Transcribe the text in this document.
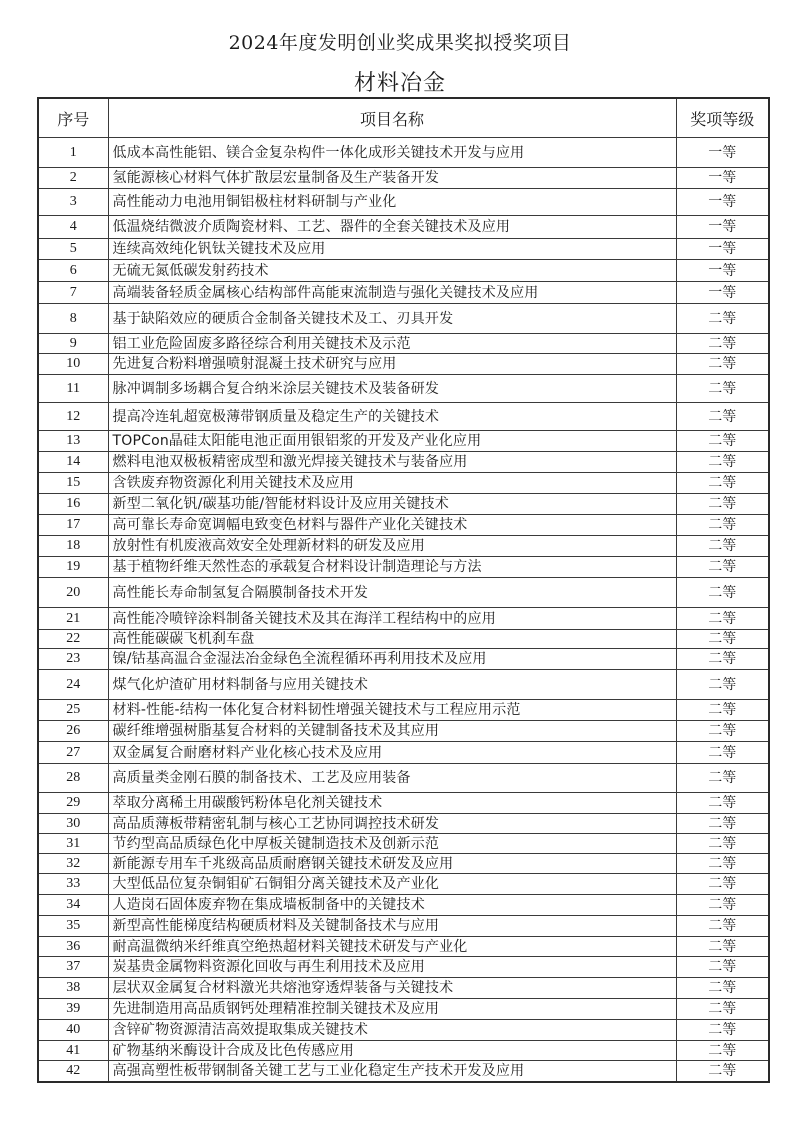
2024年度发明创业奖成果奖拟授奖项目
材料冶金
序号	项目名称	奖项等级
1	低成本高性能铝、镁合金复杂构件一体化成形关键技术开发与应用	一等
2	氢能源核心材料气体扩散层宏量制备及生产装备开发	一等
3	高性能动力电池用铜铝极柱材料研制与产业化	一等
4	低温烧结微波介质陶瓷材料、工艺、器件的全套关键技术及应用	一等
5	连续高效纯化钒钛关键技术及应用	一等
6	无硫无氮低碳发射药技术	一等
7	高端装备轻质金属核心结构部件高能束流制造与强化关键技术及应用	一等
8	基于缺陷效应的硬质合金制备关键技术及工、刃具开发	二等
9	铝工业危险固废多路径综合利用关键技术及示范	二等
10	先进复合粉料增强喷射混凝土技术研究与应用	二等
11	脉冲调制多场耦合复合纳米涂层关键技术及装备研发	二等
12	提高冷连轧超宽极薄带钢质量及稳定生产的关键技术	二等
13	TOPCon晶硅太阳能电池正面用银铝浆的开发及产业化应用	二等
14	燃料电池双极板精密成型和激光焊接关键技术与装备应用	二等
15	含铁废弃物资源化利用关键技术及应用	二等
16	新型二氧化钒/碳基功能/智能材料设计及应用关键技术	二等
17	高可靠长寿命宽调幅电致变色材料与器件产业化关键技术	二等
18	放射性有机废液高效安全处理新材料的研发及应用	二等
19	基于植物纤维天然性态的承载复合材料设计制造理论与方法	二等
20	高性能长寿命制氢复合隔膜制备技术开发	二等
21	高性能冷喷锌涂料制备关键技术及其在海洋工程结构中的应用	二等
22	高性能碳碳飞机刹车盘	二等
23	镍/钴基高温合金湿法冶金绿色全流程循环再利用技术及应用	二等
24	煤气化炉渣矿用材料制备与应用关键技术	二等
25	材料-性能-结构一体化复合材料韧性增强关键技术与工程应用示范	二等
26	碳纤维增强树脂基复合材料的关键制备技术及其应用	二等
27	双金属复合耐磨材料产业化核心技术及应用	二等
28	高质量类金刚石膜的制备技术、工艺及应用装备	二等
29	萃取分离稀土用碳酸钙粉体皂化剂关键技术	二等
30	高品质薄板带精密轧制与核心工艺协同调控技术研发	二等
31	节约型高品质绿色化中厚板关键制造技术及创新示范	二等
32	新能源专用车千兆级高品质耐磨钢关键技术研发及应用	二等
33	大型低品位复杂铜钼矿石铜钼分离关键技术及产业化	二等
34	人造岗石固体废弃物在集成墙板制备中的关键技术	二等
35	新型高性能梯度结构硬质材料及关键制备技术与应用	二等
36	耐高温微纳米纤维真空绝热超材料关键技术研发与产业化	二等
37	炭基贵金属物料资源化回收与再生利用技术及应用	二等
38	层状双金属复合材料激光共熔池穿透焊装备与关键技术	二等
39	先进制造用高品质钢钙处理精准控制关键技术及应用	二等
40	含锌矿物资源清洁高效提取集成关键技术	二等
41	矿物基纳米酶设计合成及比色传感应用	二等
42	高强高塑性板带钢制备关键工艺与工业化稳定生产技术开发及应用	二等
